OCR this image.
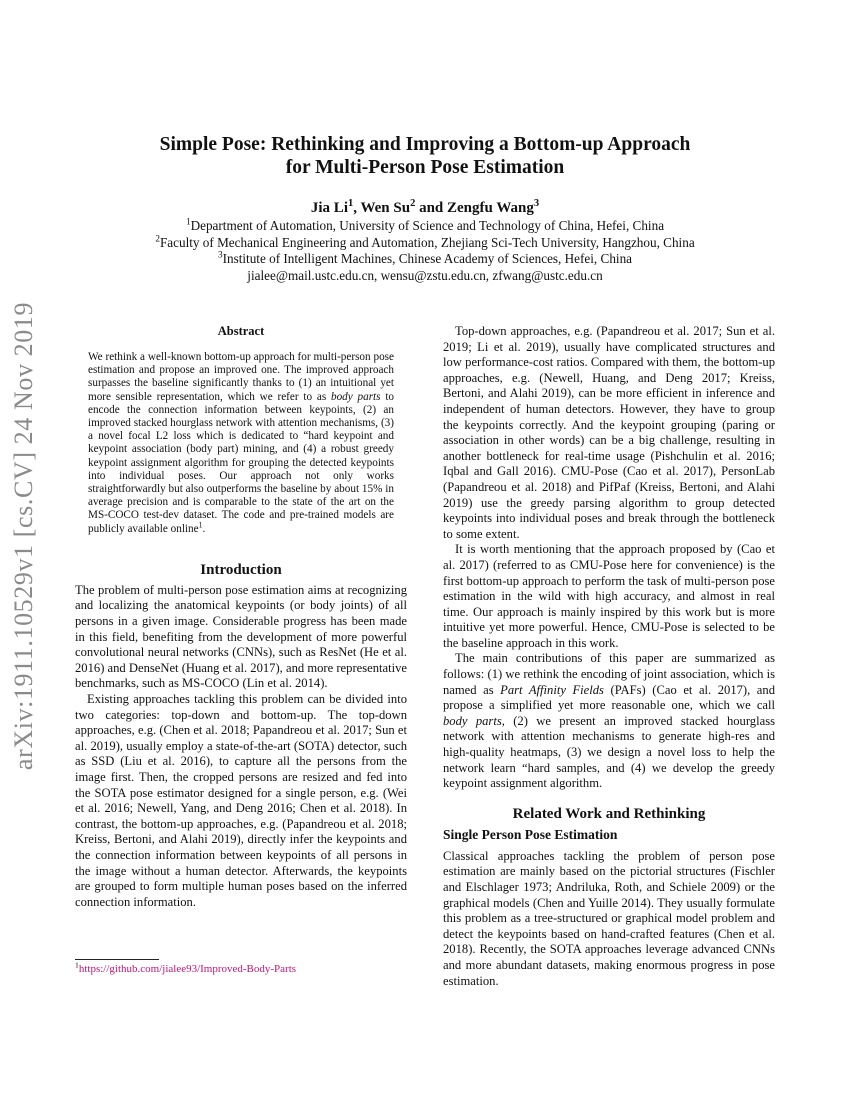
arXiv:1911.10529v1 [cs.CV] 24 Nov 2019
Simple Pose: Rethinking and Improving a Bottom-up Approach
for Multi-Person Pose Estimation
Jia Li$^1$, Wen Su$^2$ and Zengfu Wang$^3$
$^1$Department of Automation, University of Science and Technology of China, Hefei, China
$^2$Faculty of Mechanical Engineering and Automation, Zhejiang Sci-Tech University, Hangzhou, China
$^3$Institute of Intelligent Machines, Chinese Academy of Sciences, Hefei, China
jialee@mail.ustc.edu.cn, wensu@zstu.edu.cn, zfwang@ustc.edu.cn
Abstract

We rethink a well-known bottom-up approach for multi-person pose estimation and propose an improved one. The improved approach surpasses the baseline significantly thanks to (1) an intuitional yet more sensible representation, which we refer to as body parts to encode the connection information between keypoints, (2) an improved stacked hourglass network with attention mechanisms, (3) a novel focal L2 loss which is dedicated to “hard keypoint and keypoint association (body part) mining, and (4) a robust greedy keypoint assignment algorithm for grouping the detected keypoints into individual poses. Our approach not only works straightforwardly but also outperforms the baseline by about 15% in average precision and is comparable to the state of the art on the MS-COCO test-dev dataset. The code and pre-trained models are publicly available online$^1$.

Introduction

The problem of multi-person pose estimation aims at recognizing and localizing the anatomical keypoints (or body joints) of all persons in a given image. Considerable progress has been made in this field, benefiting from the development of more powerful convolutional neural networks (CNNs), such as ResNet (He et al. 2016) and DenseNet (Huang et al. 2017), and more representative benchmarks, such as MS-COCO (Lin et al. 2014).

Existing approaches tackling this problem can be divided into two categories: top-down and bottom-up. The top-down approaches, e.g. (Chen et al. 2018; Papandreou et al. 2017; Sun et al. 2019), usually employ a state-of-the-art (SOTA) detector, such as SSD (Liu et al. 2016), to capture all the persons from the image first. Then, the cropped persons are resized and fed into the SOTA pose estimator designed for a single person, e.g. (Wei et al. 2016; Newell, Yang, and Deng 2016; Chen et al. 2018). In contrast, the bottom-up approaches, e.g. (Papandreou et al. 2018; Kreiss, Bertoni, and Alahi 2019), directly infer the keypoints and the connection information between keypoints of all persons in the image without a human detector. Afterwards, the keypoints are grouped to form multiple human poses based on the inferred connection information.

Top-down approaches, e.g. (Papandreou et al. 2017; Sun et al. 2019; Li et al. 2019), usually have complicated structures and low performance-cost ratios. Compared with them, the bottom-up approaches, e.g. (Newell, Huang, and Deng 2017; Kreiss, Bertoni, and Alahi 2019), can be more efficient in inference and independent of human detectors. However, they have to group the keypoints correctly. And the keypoint grouping (paring or association in other words) can be a big challenge, resulting in another bottleneck for real-time usage (Pishchulin et al. 2016; Iqbal and Gall 2016). CMU-Pose (Cao et al. 2017), PersonLab (Papandreou et al. 2018) and PifPaf (Kreiss, Bertoni, and Alahi 2019) use the greedy parsing algorithm to group detected keypoints into individual poses and break through the bottleneck to some extent.

It is worth mentioning that the approach proposed by (Cao et al. 2017) (referred to as CMU-Pose here for convenience) is the first bottom-up approach to perform the task of multi-person pose estimation in the wild with high accuracy, and almost in real time. Our approach is mainly inspired by this work but is more intuitive yet more powerful. Hence, CMU-Pose is selected to be the baseline approach in this work.

The main contributions of this paper are summarized as follows: (1) we rethink the encoding of joint association, which is named as Part Affinity Fields (PAFs) (Cao et al. 2017), and propose a simplified yet more reasonable one, which we call body parts, (2) we present an improved stacked hourglass network with attention mechanisms to generate high-res and high-quality heatmaps, (3) we design a novel loss to help the network learn “hard samples, and (4) we develop the greedy keypoint assignment algorithm.

Related Work and Rethinking
Single Person Pose Estimation

Classical approaches tackling the problem of person pose estimation are mainly based on the pictorial structures (Fischler and Elschlager 1973; Andriluka, Roth, and Schiele 2009) or the graphical models (Chen and Yuille 2014). They usually formulate this problem as a tree-structured or graphical model problem and detect the keypoints based on hand-crafted features (Chen et al. 2018). Recently, the SOTA approaches leverage advanced CNNs and more abundant datasets, making enormous progress in pose estimation.

$^1$https://github.com/jialee93/Improved-Body-Parts
